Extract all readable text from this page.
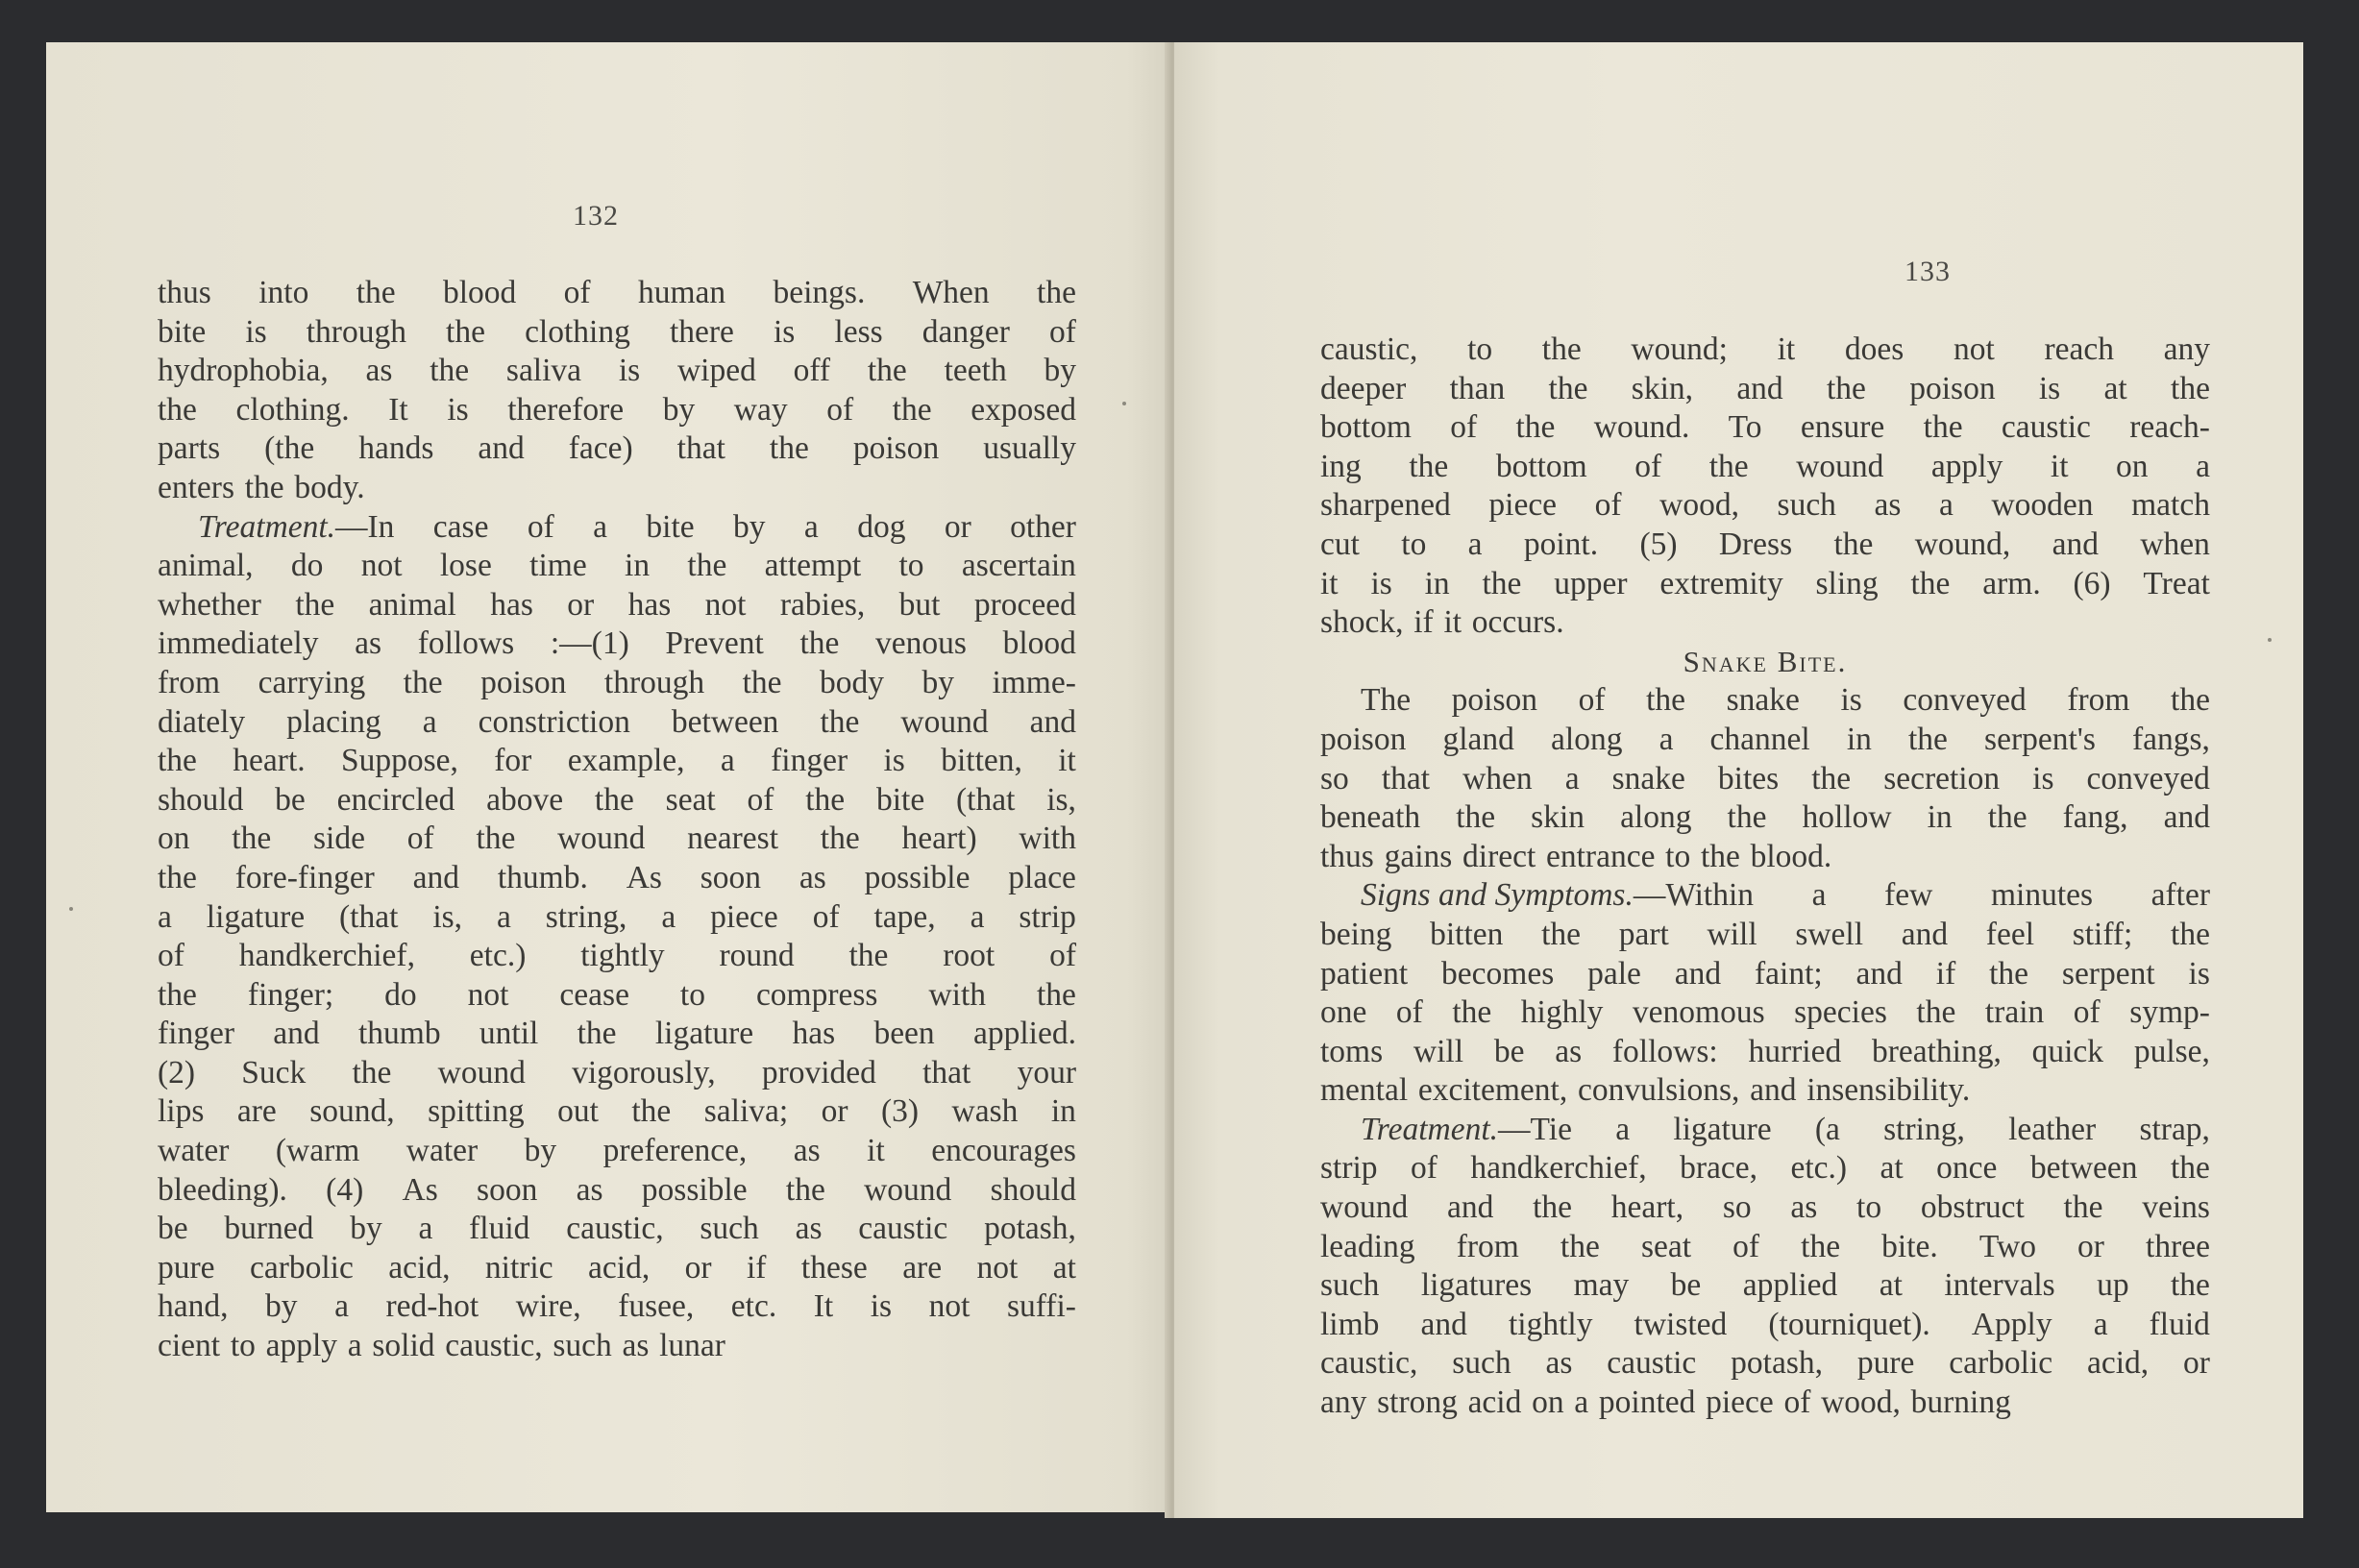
132
thus into the blood of human beings. When the
bite is through the clothing there is less danger of
hydrophobia, as the saliva is wiped off the teeth by
the clothing. It is therefore by way of the exposed
parts (the hands and face) that the poison usually
enters the body.
Treatment.—In case of a bite by a dog or other
animal, do not lose time in the attempt to ascertain
whether the animal has or has not rabies, but proceed
immediately as follows :—(1) Prevent the venous blood
from carrying the poison through the body by imme-
diately placing a constriction between the wound and
the heart. Suppose, for example, a finger is bitten, it
should be encircled above the seat of the bite (that is,
on the side of the wound nearest the heart) with
the fore-finger and thumb. As soon as possible place
a ligature (that is, a string, a piece of tape, a strip
of handkerchief, etc.) tightly round the root of
the finger; do not cease to compress with the
finger and thumb until the ligature has been applied.
(2) Suck the wound vigorously, provided that your
lips are sound, spitting out the saliva; or (3) wash in
water (warm water by preference, as it encourages
bleeding). (4) As soon as possible the wound should
be burned by a fluid caustic, such as caustic potash,
pure carbolic acid, nitric acid, or if these are not at
hand, by a red-hot wire, fusee, etc. It is not suffi-
cient to apply a solid caustic, such as lunar
133
caustic, to the wound; it does not reach any
deeper than the skin, and the poison is at the
bottom of the wound. To ensure the caustic reach-
ing the bottom of the wound apply it on a
sharpened piece of wood, such as a wooden match
cut to a point. (5) Dress the wound, and when
it is in the upper extremity sling the arm. (6) Treat
shock, if it occurs.
Snake Bite.
The poison of the snake is conveyed from the
poison gland along a channel in the serpent's fangs,
so that when a snake bites the secretion is conveyed
beneath the skin along the hollow in the fang, and
thus gains direct entrance to the blood.
Signs and Symptoms.—Within a few minutes after
being bitten the part will swell and feel stiff; the
patient becomes pale and faint; and if the serpent is
one of the highly venomous species the train of symp-
toms will be as follows: hurried breathing, quick pulse,
mental excitement, convulsions, and insensibility.
Treatment.—Tie a ligature (a string, leather strap,
strip of handkerchief, brace, etc.) at once between the
wound and the heart, so as to obstruct the veins
leading from the seat of the bite. Two or three
such ligatures may be applied at intervals up the
limb and tightly twisted (tourniquet). Apply a fluid
caustic, such as caustic potash, pure carbolic acid, or
any strong acid on a pointed piece of wood, burning
